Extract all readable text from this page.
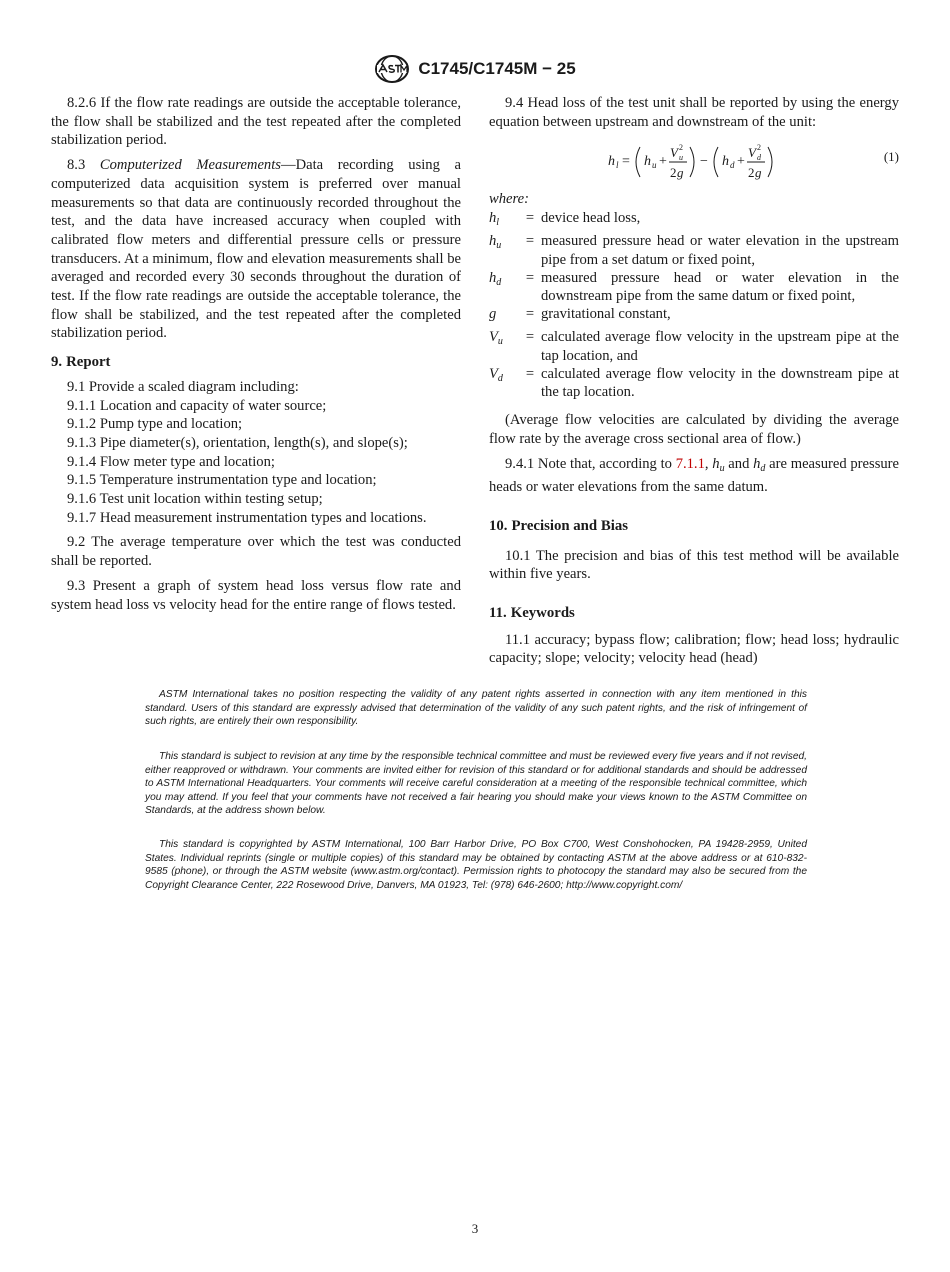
C1745/C1745M − 25

8.2.6 If the flow rate readings are outside the acceptable tolerance, the flow shall be stabilized and the test repeated after the completed stabilization period.

8.3 Computerized Measurements—Data recording using a computerized data acquisition system is preferred over manual measurements so that data are continuously recorded throughout the test, and the data have increased accuracy when coupled with calibrated flow meters and differential pressure cells or pressure transducers. At a minimum, flow and elevation measurements shall be averaged and recorded every 30 seconds throughout the duration of test. If the flow rate readings are outside the acceptable tolerance, the flow shall be stabilized, and the test repeated after the completed stabilization period.

9. Report

9.1 Provide a scaled diagram including:

9.1.1 Location and capacity of water source;

9.1.2 Pump type and location;

9.1.3 Pipe diameter(s), orientation, length(s), and slope(s);

9.1.4 Flow meter type and location;

9.1.5 Temperature instrumentation type and location;

9.1.6 Test unit location within testing setup;

9.1.7 Head measurement instrumentation types and locations.

9.2 The average temperature over which the test was conducted shall be reported.

9.3 Present a graph of system head loss versus flow rate and system head loss vs velocity head for the entire range of flows tested.

9.4 Head loss of the test unit shall be reported by using the energy equation between upstream and downstream of the unit:

h l = h u +
V 2
u
2 g
− h d +
V 2
d
2 g
(1)
where:
$h_l$	=	device head loss,
$h_u$	=	measured pressure head or water elevation in the upstream pipe from a set datum or fixed point,
$h_d$	=	measured pressure head or water elevation in the downstream pipe from the same datum or fixed point,
g	=	gravitational constant,
$V_u$	=	calculated average flow velocity in the upstream pipe at the tap location, and
$V_d$	=	calculated average flow velocity in the downstream pipe at the tap location.

(Average flow velocities are calculated by dividing the average flow rate by the average cross sectional area of flow.)

9.4.1 Note that, according to 7.1.1, $h_u$ and $h_d$ are measured pressure heads or water elevations from the same datum.

10. Precision and Bias

10.1 The precision and bias of this test method will be available within five years.

11. Keywords

11.1 accuracy; bypass flow; calibration; flow; head loss; hydraulic capacity; slope; velocity; velocity head (head)

ASTM International takes no position respecting the validity of any patent rights asserted in connection with any item mentioned in this standard. Users of this standard are expressly advised that determination of the validity of any such patent rights, and the risk of infringement of such rights, are entirely their own responsibility.

This standard is subject to revision at any time by the responsible technical committee and must be reviewed every five years and if not revised, either reapproved or withdrawn. Your comments are invited either for revision of this standard or for additional standards and should be addressed to ASTM International Headquarters. Your comments will receive careful consideration at a meeting of the responsible technical committee, which you may attend. If you feel that your comments have not received a fair hearing you should make your views known to the ASTM Committee on Standards, at the address shown below.

This standard is copyrighted by ASTM International, 100 Barr Harbor Drive, PO Box C700, West Conshohocken, PA 19428-2959, United States. Individual reprints (single or multiple copies) of this standard may be obtained by contacting ASTM at the above address or at 610-832-9585 (phone), or through the ASTM website (www.astm.org/contact). Permission rights to photocopy the standard may also be secured from the Copyright Clearance Center, 222 Rosewood Drive, Danvers, MA 01923, Tel: (978) 646-2600; http://www.copyright.com/

3
